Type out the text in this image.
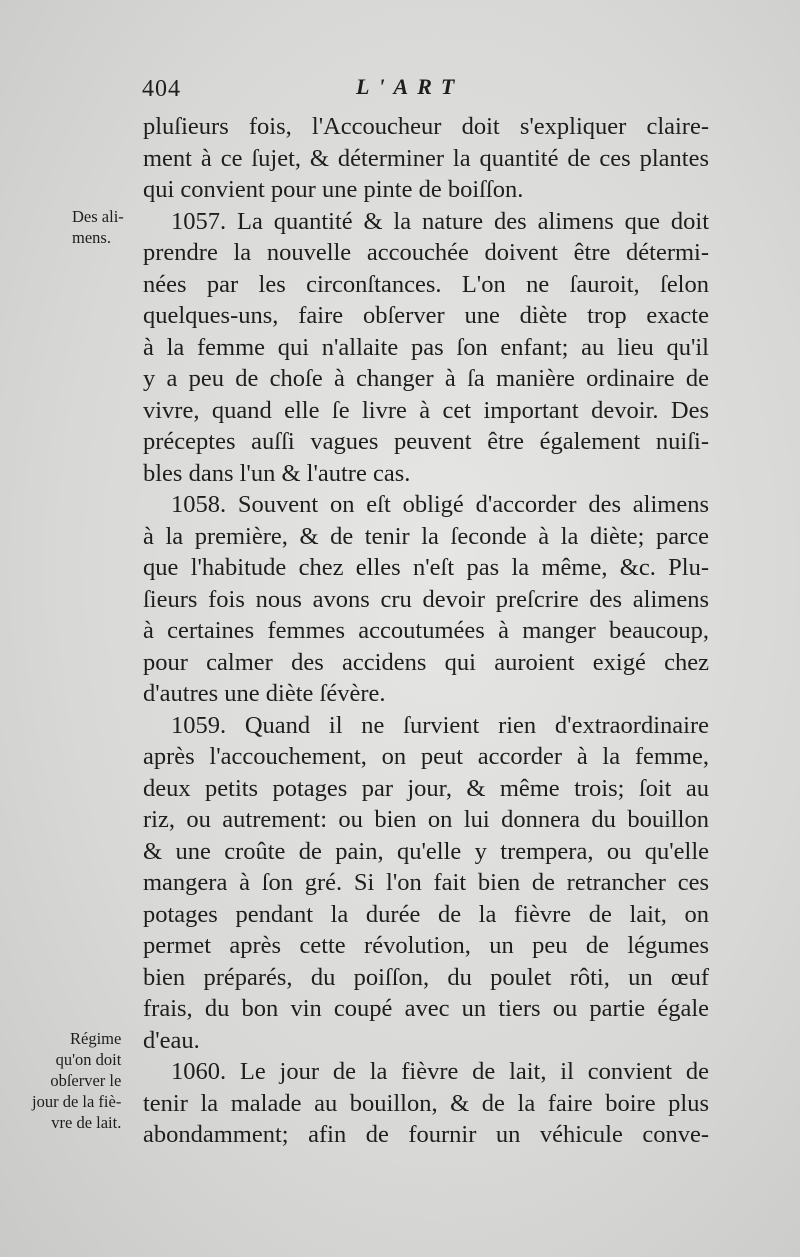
404	L'ART
Des ali-
mens.
Régime
qu'on doit
obſerver le
jour de la fiè-
vre de lait.
pluſieurs fois, l'Accoucheur doit s'expliquer claire-
ment à ce ſujet, & déterminer la quantité de ces plantes
qui convient pour une pinte de boiſſon.
1057. La quantité & la nature des alimens que doit
prendre la nouvelle accouchée doivent être détermi-
nées par les circonſtances. L'on ne ſauroit, ſelon
quelques-uns, faire obſerver une diète trop exacte
à la femme qui n'allaite pas ſon enfant; au lieu qu'il
y a peu de choſe à changer à ſa manière ordinaire de
vivre, quand elle ſe livre à cet important devoir. Des
préceptes auſſi vagues peuvent être également nuiſi-
bles dans l'un & l'autre cas.
1058. Souvent on eſt obligé d'accorder des alimens
à la première, & de tenir la ſeconde à la diète; parce
que l'habitude chez elles n'eſt pas la même, &c. Plu-
ſieurs fois nous avons cru devoir preſcrire des alimens
à certaines femmes accoutumées à manger beaucoup,
pour calmer des accidens qui auroient exigé chez
d'autres une diète ſévère.
1059. Quand il ne ſurvient rien d'extraordinaire
après l'accouchement, on peut accorder à la femme,
deux petits potages par jour, & même trois; ſoit au
riz, ou autrement: ou bien on lui donnera du bouillon
& une croûte de pain, qu'elle y trempera, ou qu'elle
mangera à ſon gré. Si l'on fait bien de retrancher ces
potages pendant la durée de la fièvre de lait, on
permet après cette révolution, un peu de légumes
bien préparés, du poiſſon, du poulet rôti, un œuf
frais, du bon vin coupé avec un tiers ou partie égale
d'eau.
1060. Le jour de la fièvre de lait, il convient de
tenir la malade au bouillon, & de la faire boire plus
abondamment; afin de fournir un véhicule conve-
